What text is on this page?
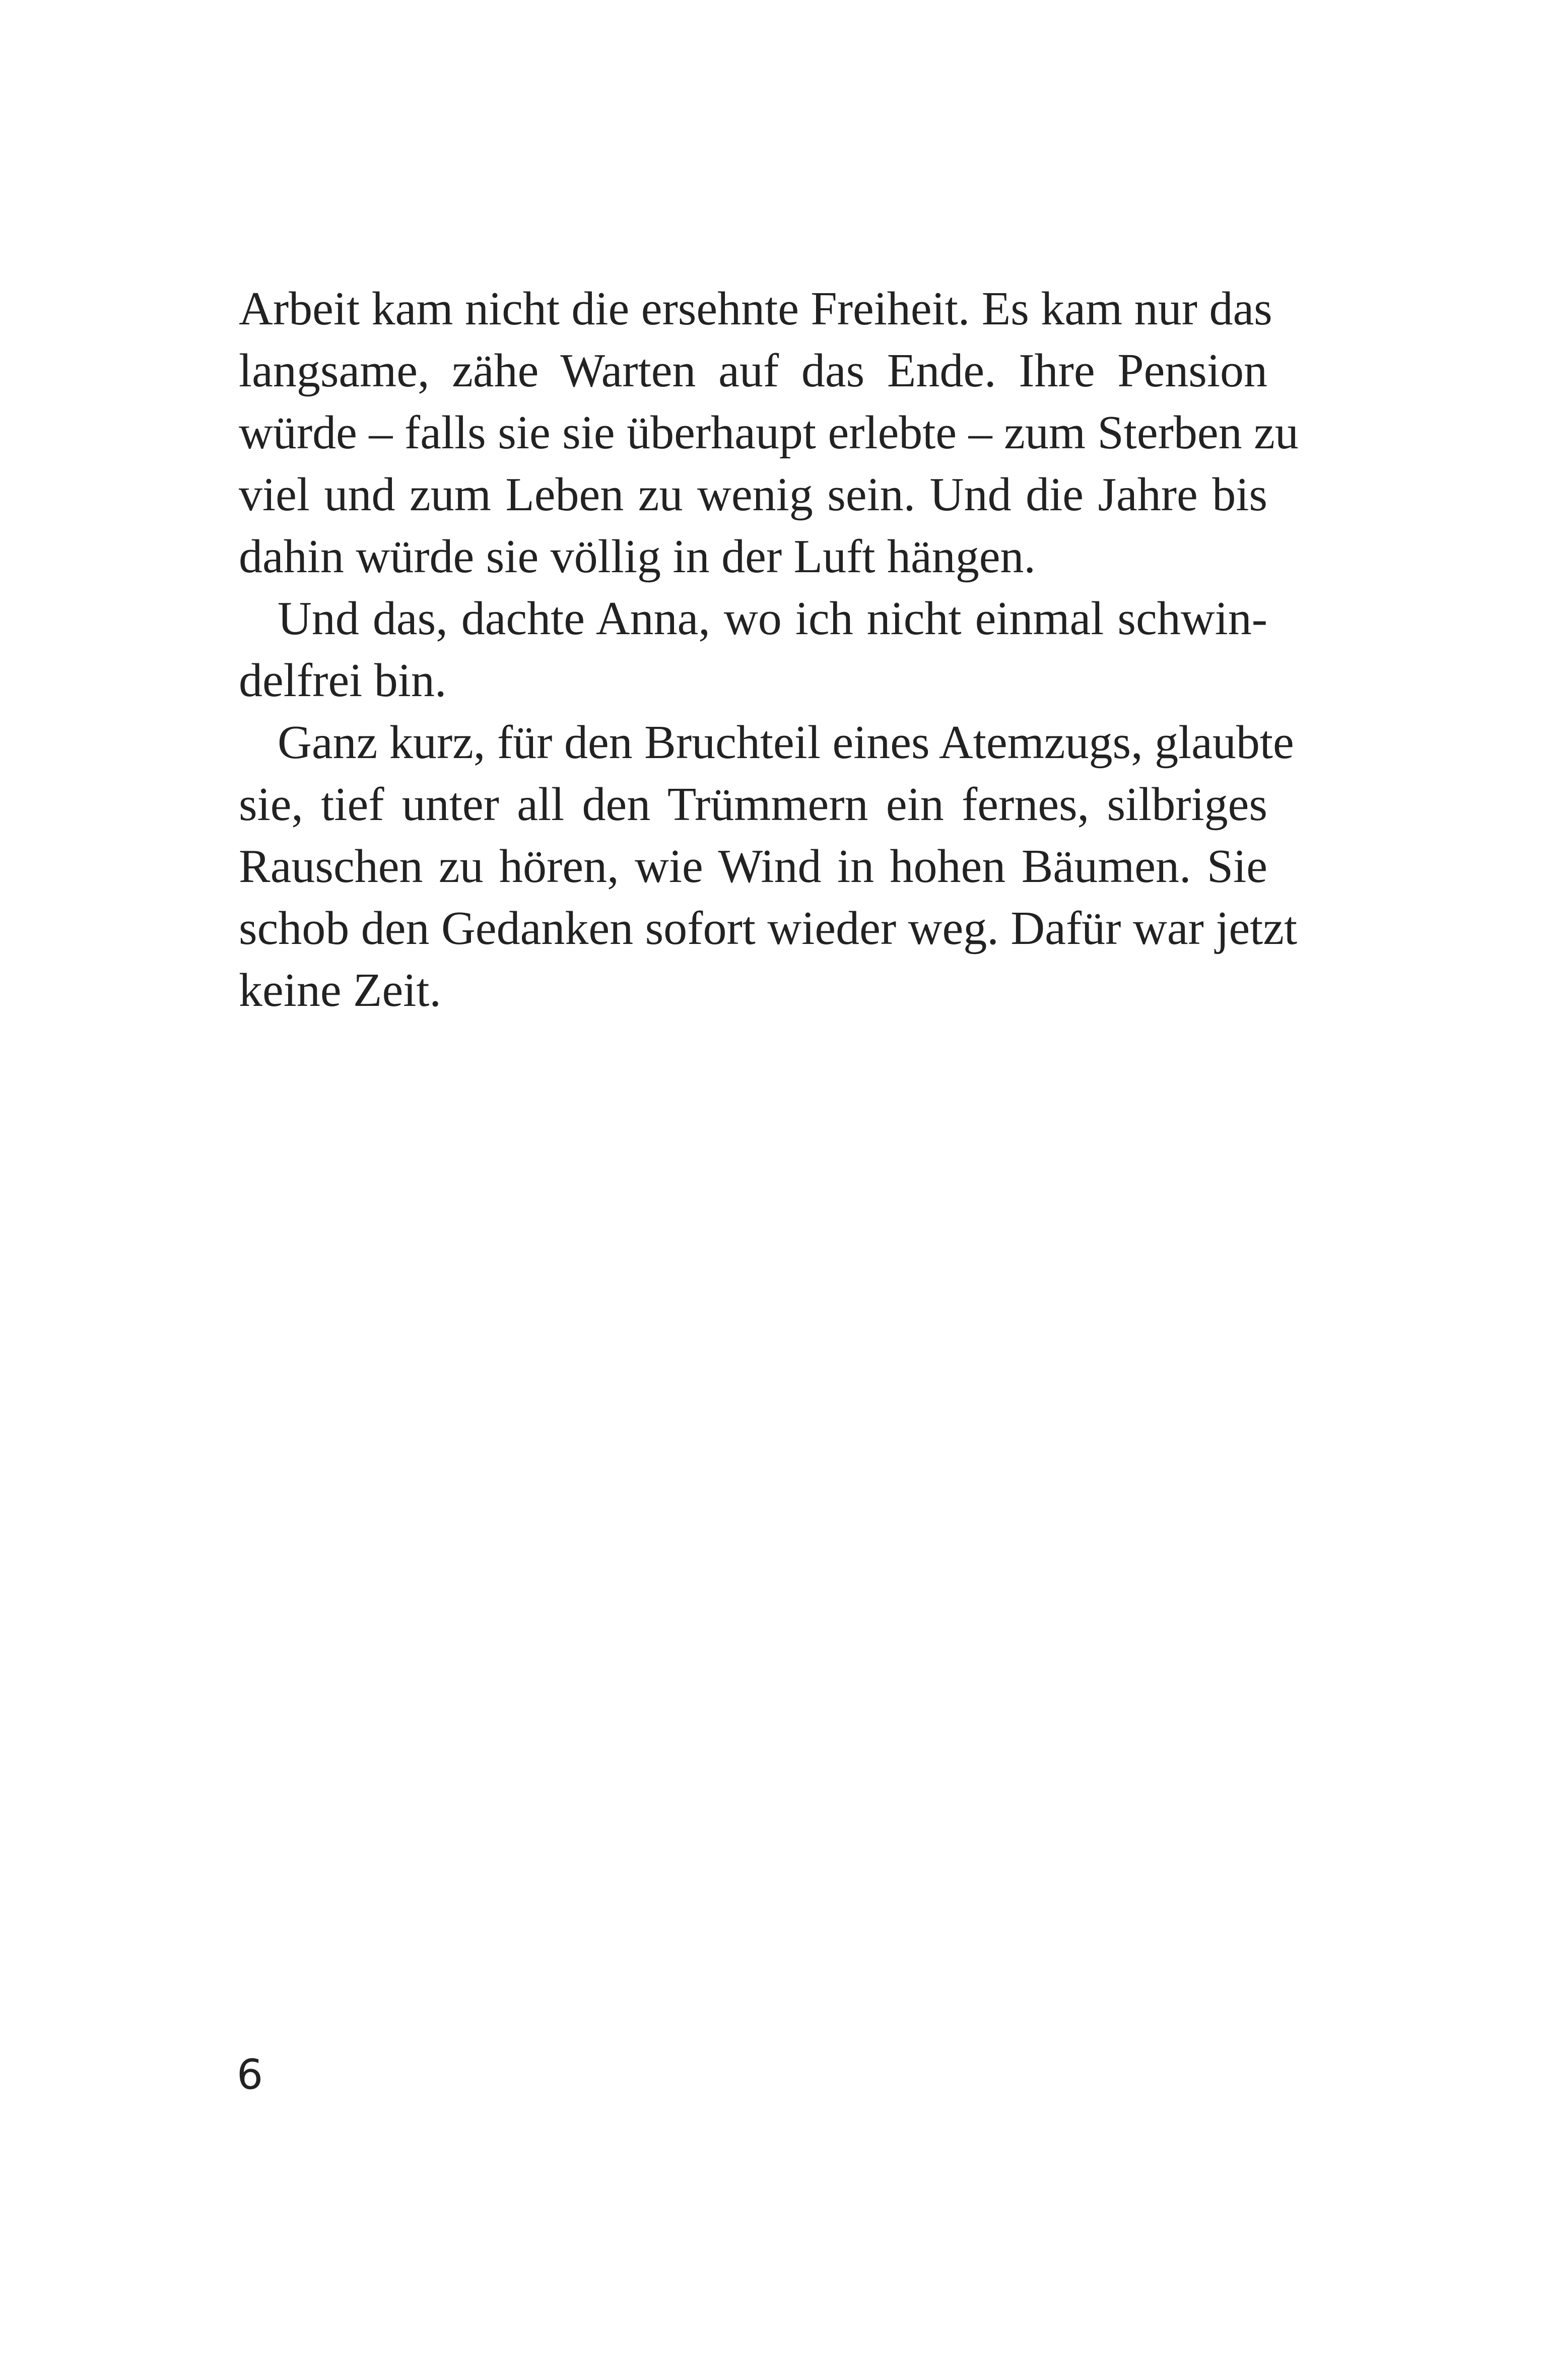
Arbeit kam nicht die ersehnte Freiheit. Es kam nur das

langsame, zähe Warten auf das Ende. Ihre Pension

würde – falls sie sie überhaupt erlebte – zum Sterben zu

viel und zum Leben zu wenig sein. Und die Jahre bis

dahin würde sie völlig in der Luft hängen.

Und das, dachte Anna, wo ich nicht einmal schwin-

delfrei bin.

Ganz kurz, für den Bruchteil eines Atemzugs, glaubte

sie, tief unter all den Trümmern ein fernes, silbriges

Rauschen zu hören, wie Wind in hohen Bäumen. Sie

schob den Gedanken sofort wieder weg. Dafür war jetzt

keine Zeit.

6
